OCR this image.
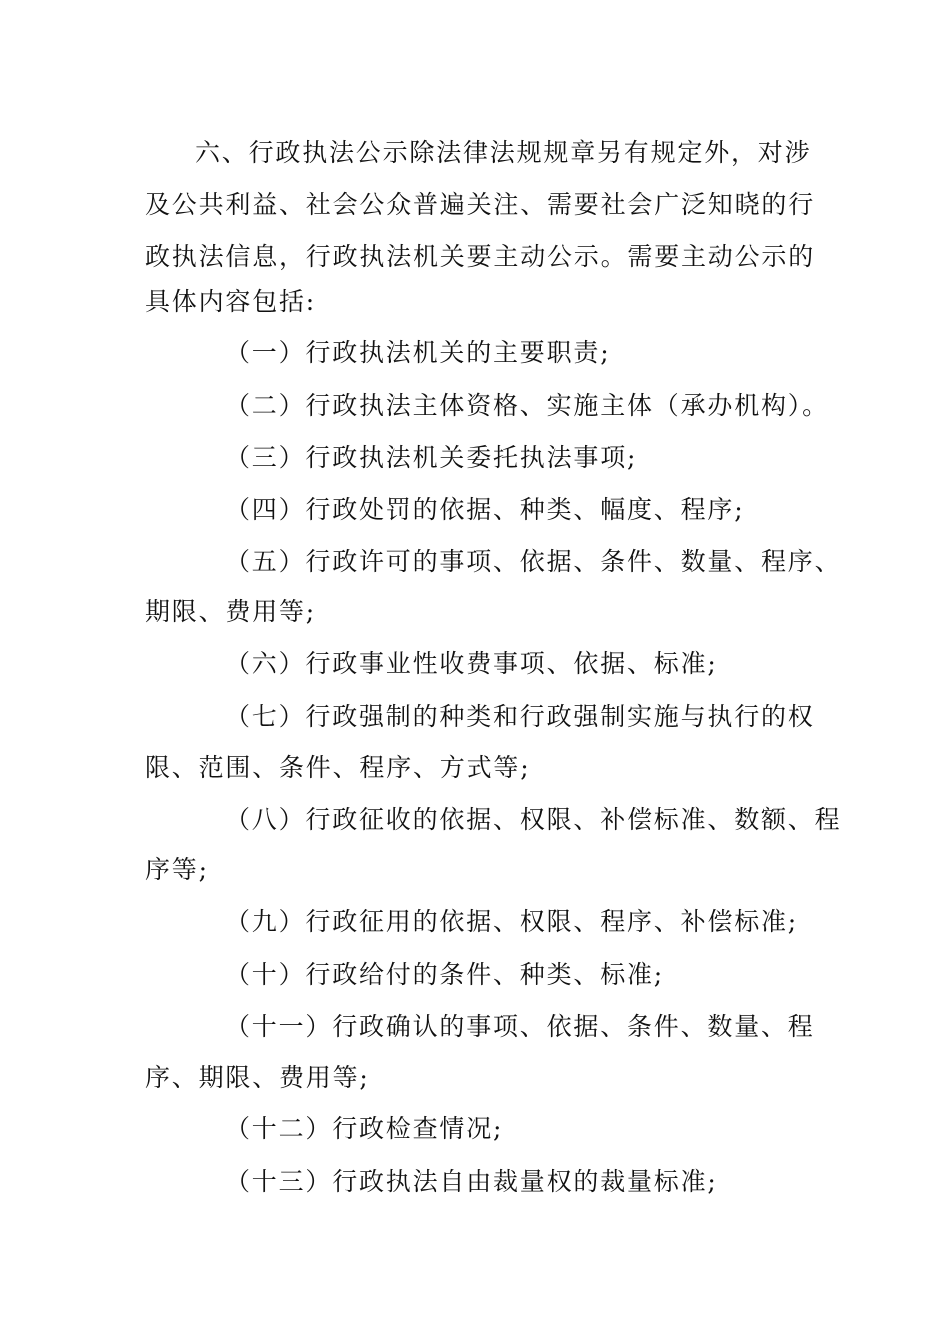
六、行政执法公示除法律法规规章另有规定外，对涉
及公共利益、社会公众普遍关注、需要社会广泛知晓的行
政执法信息，行政执法机关要主动公示。需要主动公示的
具体内容包括:
（一）行政执法机关的主要职责;
（二）行政执法主体资格、实施主体（承办机构）。
（三）行政执法机关委托执法事项;
（四）行政处罚的依据、种类、幅度、程序;
（五）行政许可的事项、依据、条件、数量、程序、
期限、费用等;
（六）行政事业性收费事项、依据、标准;
（七）行政强制的种类和行政强制实施与执行的权
限、范围、条件、程序、方式等;
（八）行政征收的依据、权限、补偿标准、数额、程
序等;
（九）行政征用的依据、权限、程序、补偿标准;
（十）行政给付的条件、种类、标准;
（十一）行政确认的事项、依据、条件、数量、程
序、期限、费用等;
（十二）行政检查情况;
（十三）行政执法自由裁量权的裁量标准;
